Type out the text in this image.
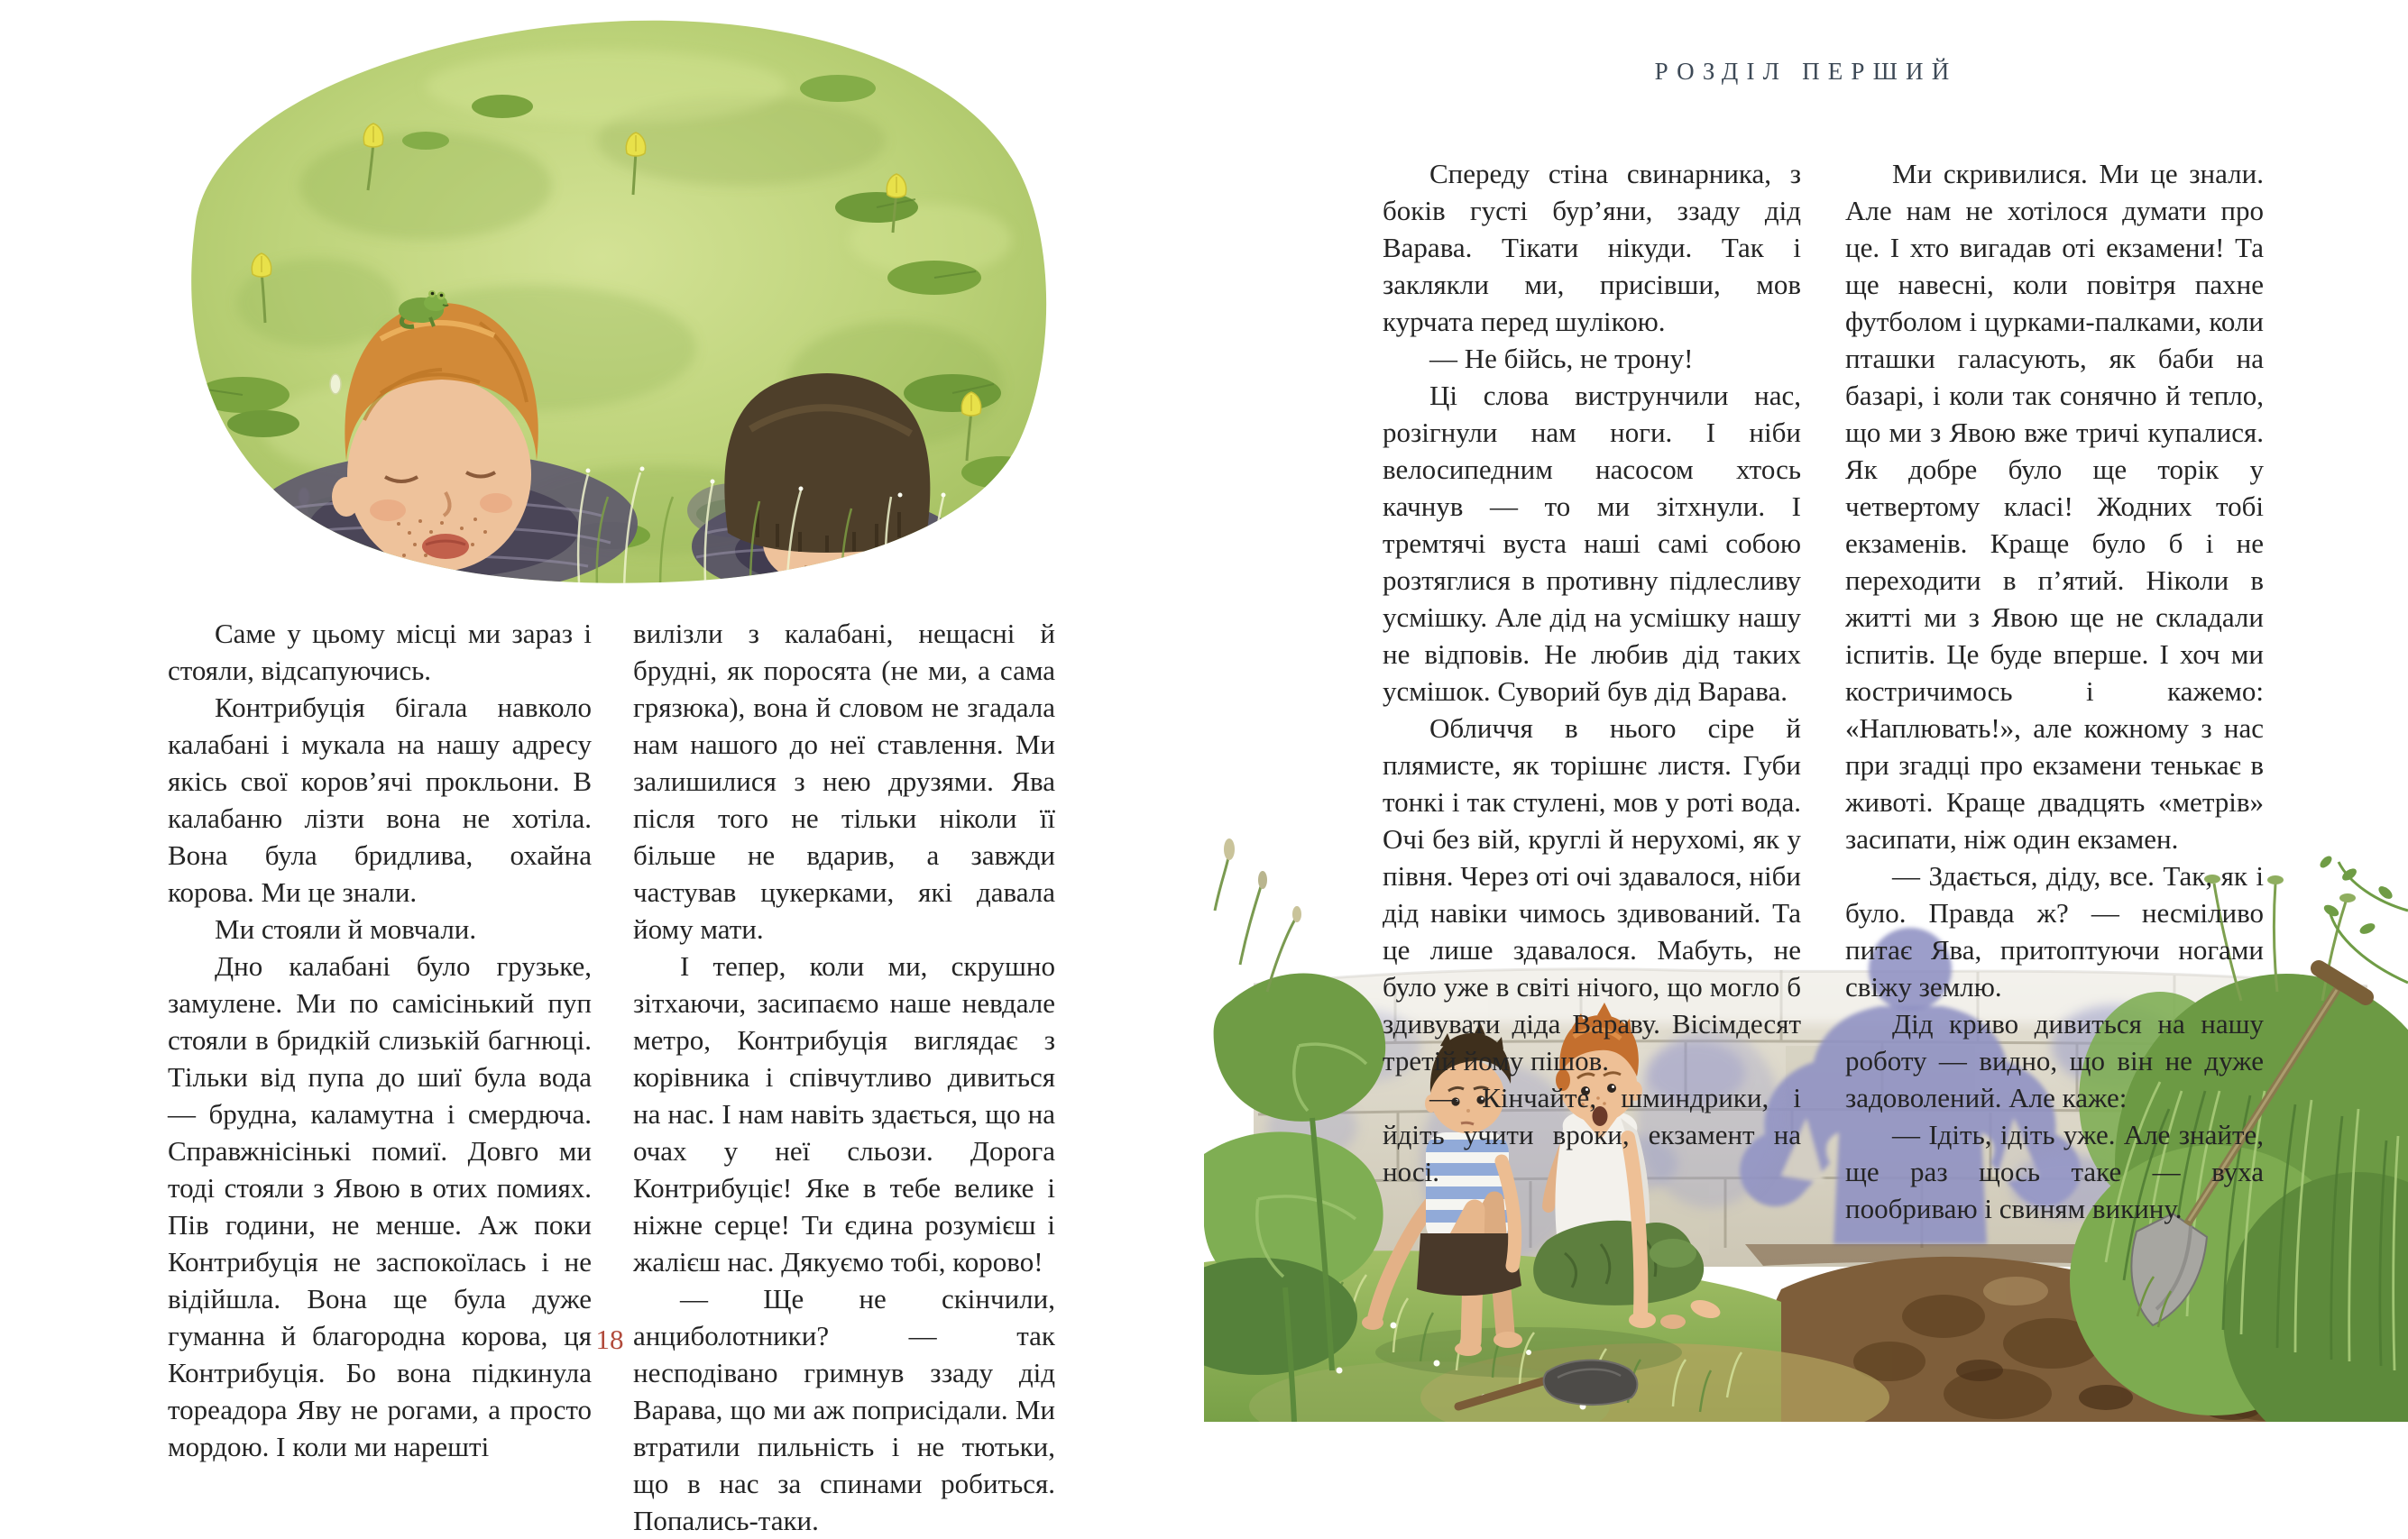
Саме у цьому місці ми зараз і стояли, відсапуючись.

Контрибуція бігала навколо калабані і мукала на нашу адресу якісь свої коров’ячі прокльони. В калабаню лізти вона не хотіла. Вона була бридлива, охайна корова. Ми це знали.

Ми стояли й мовчали.

Дно калабані було грузьке, замулене. Ми по самісінький пуп стояли в бридкій слизькій багнюці. Тільки від пупа до шиї була вода — брудна, каламутна і смердюча. Справжнісінькі помиї. Довго ми тоді стояли з Явою в отих помиях. Пів години, не менше. Аж поки Контрибуція не заспокоїлась і не відійшла. Вона ще була дуже гуманна й благородна корова, ця Контрибуція. Бо вона підкинула тореадора Яву не рогами, а просто мордою. І коли ми нарешті

вилізли з калабані, нещасні й брудні, як поросята (не ми, а сама грязюка), вона й словом не згадала нам нашого до неї ставлення. Ми залишилися з нею друзями. Ява після того не тільки ніколи її більше не вдарив, а завжди частував цукерками, які давала йому мати.

І тепер, коли ми, скрушно зітхаючи, засипаємо наше невдале метро, Контрибуція виглядає з корівника і співчутливо дивиться на нас. І нам навіть здається, що на очах у неї сльози. Дорога Контрибуціє! Яке в тебе велике і ніжне серце! Ти єдина розумієш і жалієш нас. Дякуємо тобі, корово!

— Ще не скінчили, анциболотники? — так несподівано гримнув ззаду дід Варава, що ми аж поприсідали. Ми втратили пильність і не тютьки, що в нас за спинами робиться. Попались-таки.

18
РОЗДІЛ ПЕРШИЙ

Спереду стіна свинарника, з боків густі бур’яни, ззаду дід Варава. Тікати нікуди. Так і заклякли ми, присівши, мов курчата перед шулікою.

— Не бійсь, не трону!

Ці слова виструнчили нас, розігнули нам ноги. І ніби велосипедним насосом хтось качнув — то ми зітхнули. І тремтячі вуста наші самі собою розтяглися в противну підлесливу усмішку. Але дід на усмішку нашу не відповів. Не любив дід таких усмішок. Суворий був дід Варава.

Обличчя в нього сіре й плямисте, як торішнє листя. Губи тонкі і так стулені, мов у роті вода. Очі без вій, круглі й нерухомі, як у півня. Через оті очі здавалося, ніби дід навіки чимось здивований. Та це лише здавалося. Мабуть, не було уже в світі нічого, що могло б здивувати діда Вараву. Вісімдесят третій йому пішов.

— Кінчайте, шминдрики, і йдіть учити вроки, екзамент на носі.

Ми скривилися. Ми це знали. Але нам не хотілося думати про це. І хто вигадав оті екзамени! Та ще навесні, коли повітря пахне футболом і цурками-палками, коли пташки галасують, як баби на базарі, і коли так сонячно й тепло, що ми з Явою вже тричі купалися. Як добре було ще торік у четвертому класі! Жодних тобі екзаменів. Краще було б і не переходити в п’ятий. Ніколи в житті ми з Явою ще не складали іспитів. Це буде вперше. І хоч ми костричимось і кажемо: «Наплювать!», але кожному з нас при згадці про екзамени тенькає в животі. Краще двадцять «метрів» засипати, ніж один екзамен.

— Здається, діду, все. Так, як і було. Правда ж? — несміливо питає Ява, притоптуючи ногами свіжу землю.

Дід криво дивиться на нашу роботу — видно, що він не дуже задоволений. Але каже:

— Ідіть, ідіть уже. Але знайте, ще раз щось таке — вуха пообриваю і свиням викину.
